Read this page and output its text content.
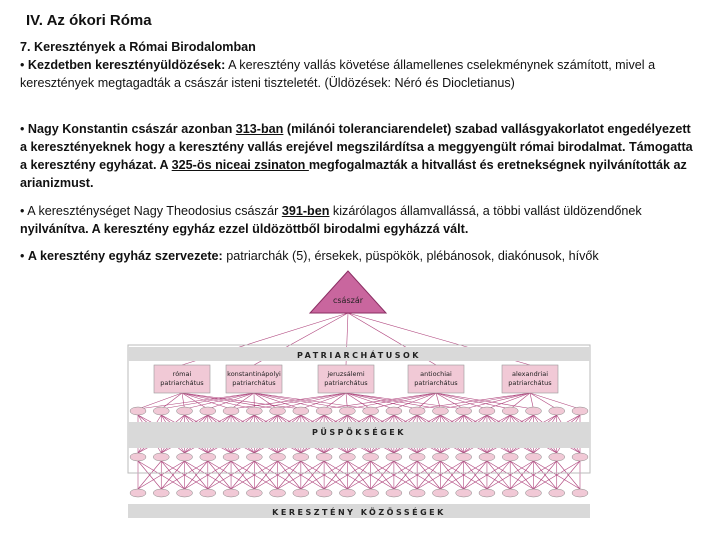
IV. Az ókori Róma
7. Keresztények a Római Birodalomban
• Kezdetben keresztényüldözések: A keresztény vallás követése államellenes cselekménynek számított, mivel a keresztények megtagadták a császár isteni tiszteletét. (Üldözések: Néró és Diocletianus)
• Nagy Konstantin császár azonban 313-ban (milánói toleranciarendelet) szabad vallásgyakorlatot engedélyezett a keresztényeknek hogy a keresztény vallás erejével megszilárdítsa a meggyengült római birodalmat. Támogatta a keresztény egyházat. A 325-ös niceai zsinaton megfogalmazták a hitvallást és eretnekségnek nyilvánították az arianizmust.
• A kereszténységet Nagy Theodosius császár 391-ben kizárólagos államvallássá, a többi vallást üldözendőnek nyilvánítva. A keresztény egyház ezzel üldözöttből birodalmi egyházzá vált.
• A keresztény egyház szervezete: patriarchák (5), érsekek, püspökök, plébánosok, diakónusok, hívők
PATRIARCHÁTUSOK
PÜSPÖKSÉGEK
KERESZTÉNY KÖZÖSSÉGEK
császár
római
patriarchátus
konstantinápolyi
patriarchátus
jeruzsálemi
patriarchátus
antiochiai
patriarchátus
alexandriai
patriarchátus
